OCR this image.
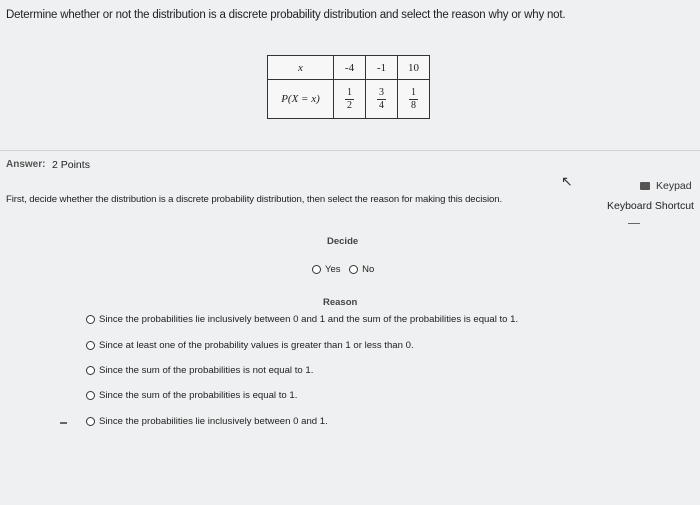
Determine whether or not the distribution is a discrete probability distribution and select the reason why or why not.
x	-4	-1	10
P(X = x)	$\frac{1}{2}$	$\frac{3}{4}$	$\frac{1}{8}$
Answer: 2 Points
↖	Keypad
Keyboard Shortcut
First, decide whether the distribution is a discrete probability distribution, then select the reason for making this decision.
Decide
Yes No
Reason
Since the probabilities lie inclusively between 0 and 1 and the sum of the probabilities is equal to 1.
Since at least one of the probability values is greater than 1 or less than 0.
Since the sum of the probabilities is not equal to 1.
Since the sum of the probabilities is equal to 1.
Since the probabilities lie inclusively between 0 and 1.
